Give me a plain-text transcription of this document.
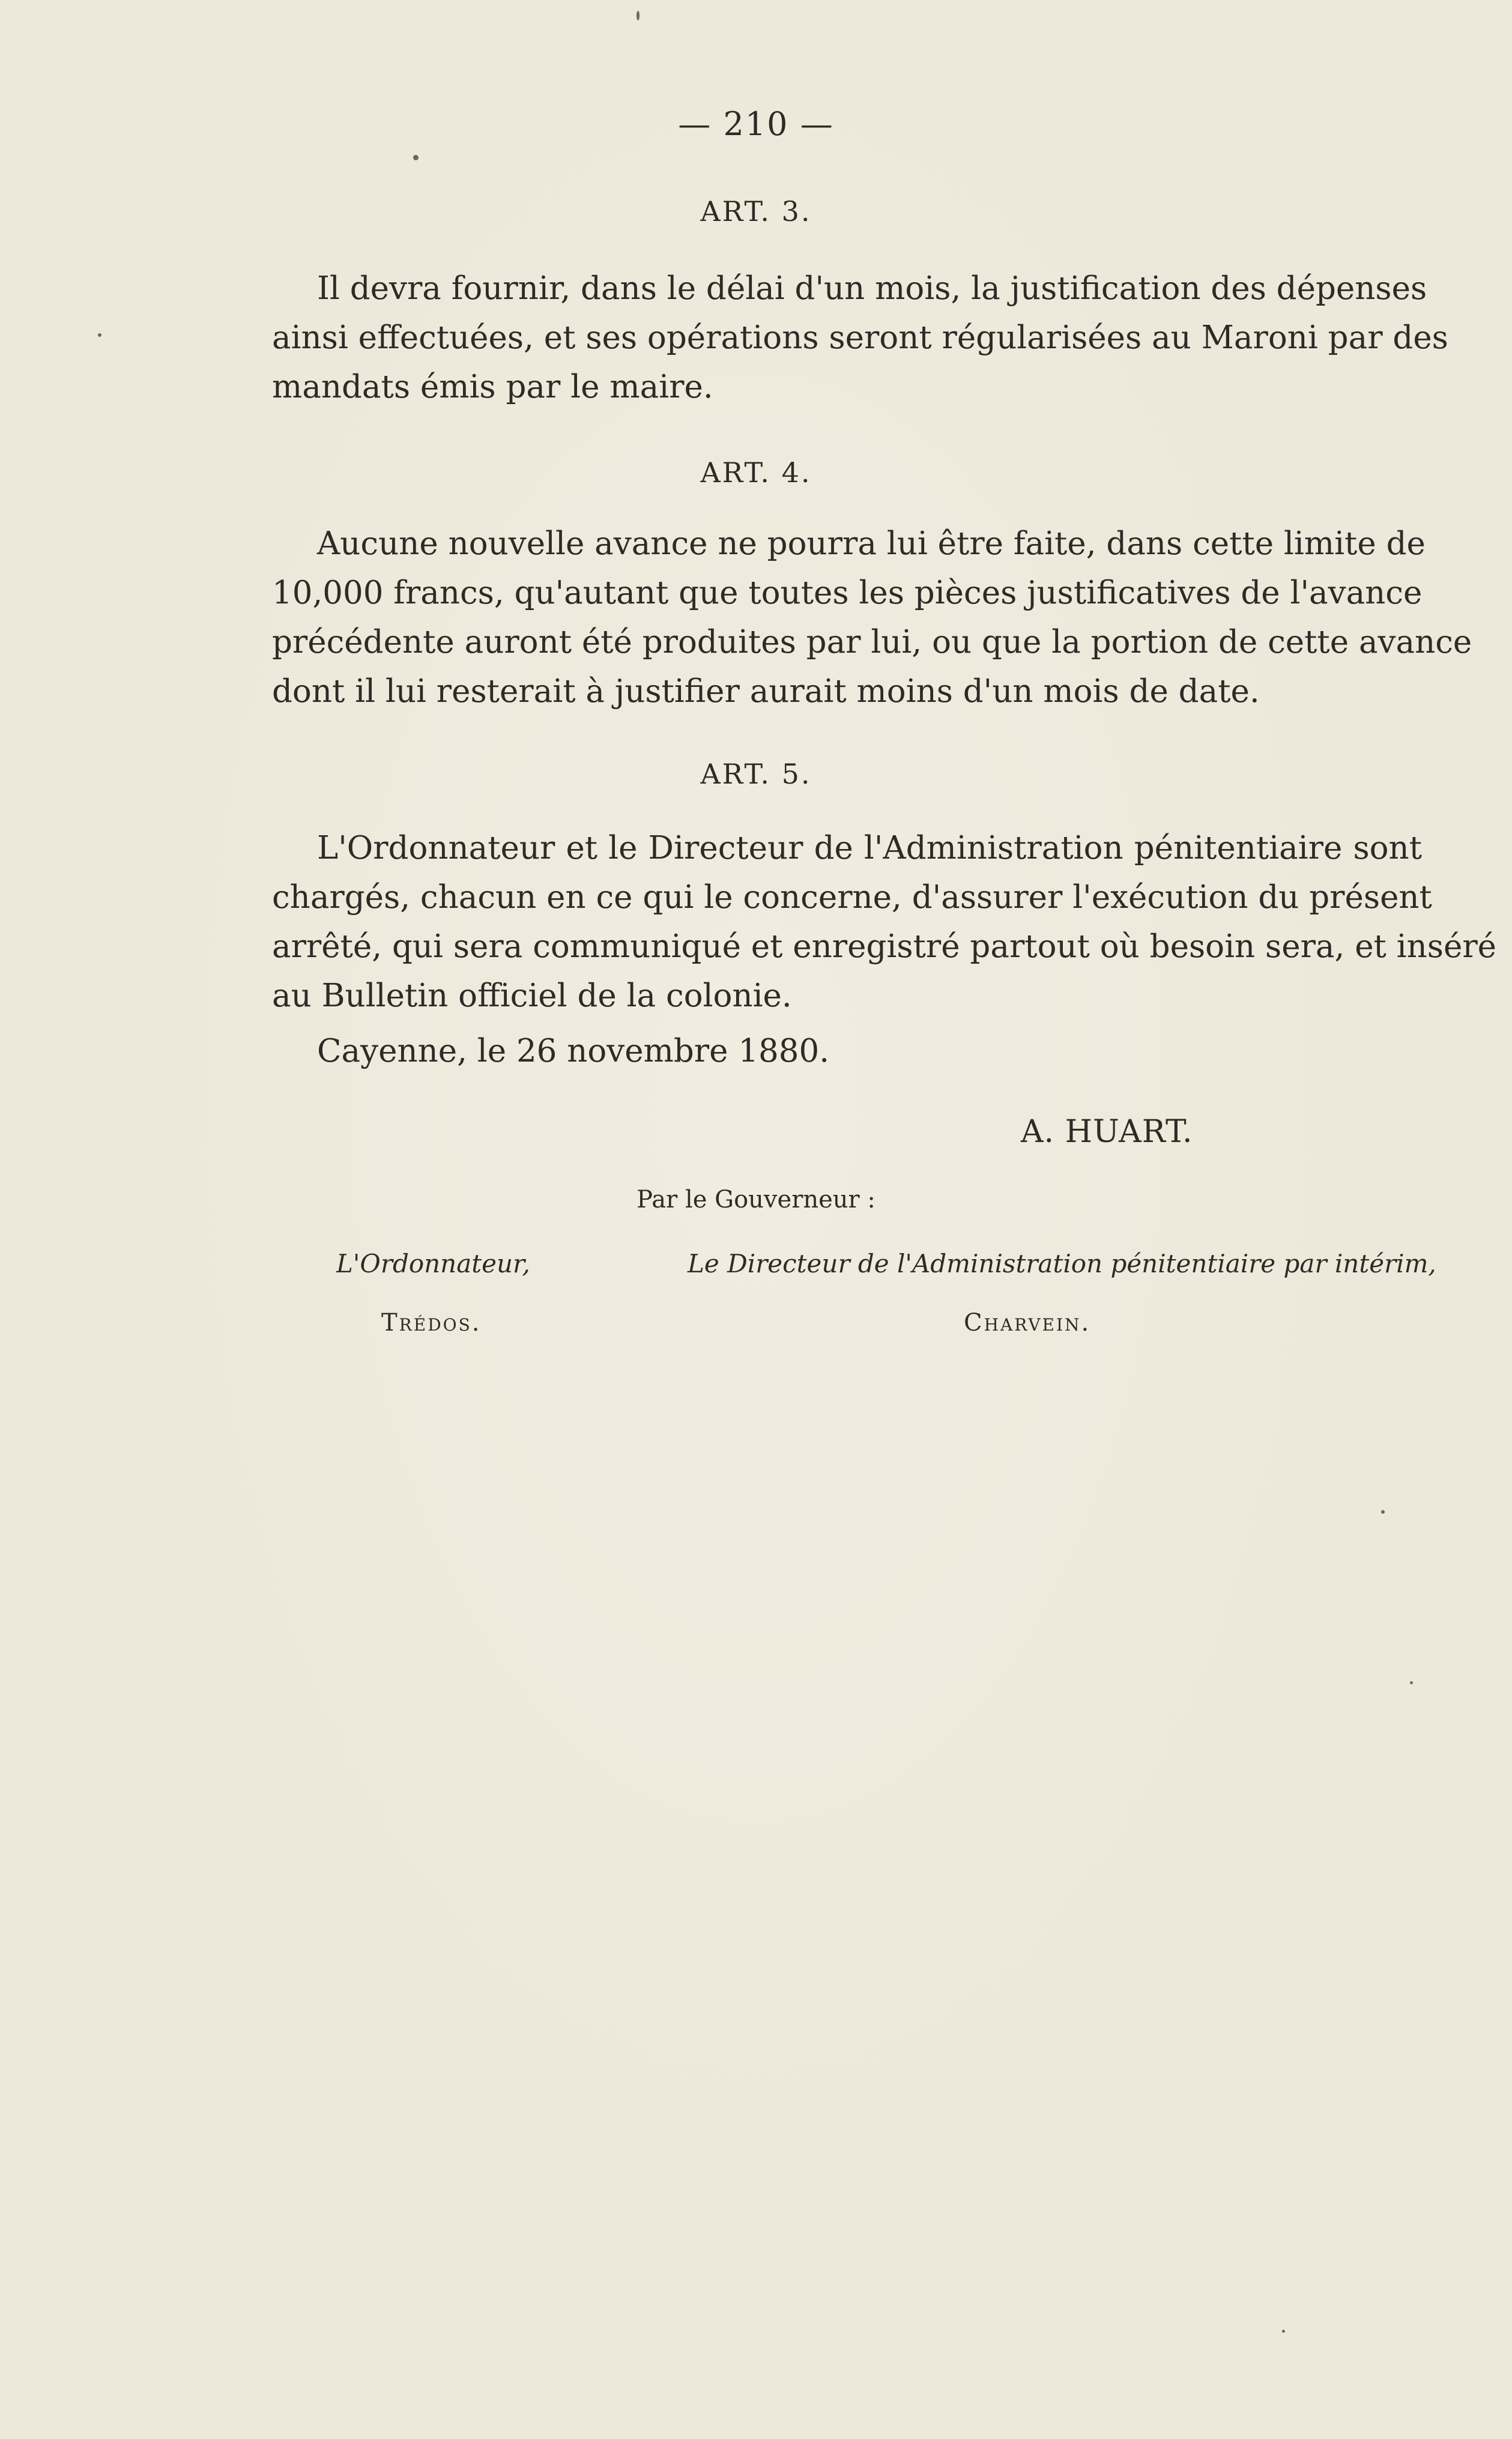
— 210 —
ART. 3.
Il devra fournir, dans le délai d'un mois, la justification des dépenses
ainsi effectuées, et ses opérations seront régularisées au Maroni par des
mandats émis par le maire.
ART. 4.
Aucune nouvelle avance ne pourra lui être faite, dans cette limite de
10,000 francs, qu'autant que toutes les pièces justificatives de l'avance
précédente auront été produites par lui, ou que la portion de cette avance
dont il lui resterait à justifier aurait moins d'un mois de date.
ART. 5.
L'Ordonnateur et le Directeur de l'Administration pénitentiaire sont
chargés, chacun en ce qui le concerne, d'assurer l'exécution du présent
arrêté, qui sera communiqué et enregistré partout où besoin sera, et inséré
au Bulletin officiel de la colonie.
Cayenne, le 26 novembre 1880.
A. HUART.
Par le Gouverneur :
L'Ordonnateur,	Le Directeur de l'Administration pénitentiaire par intérim,
Trédos.	Charvein.
